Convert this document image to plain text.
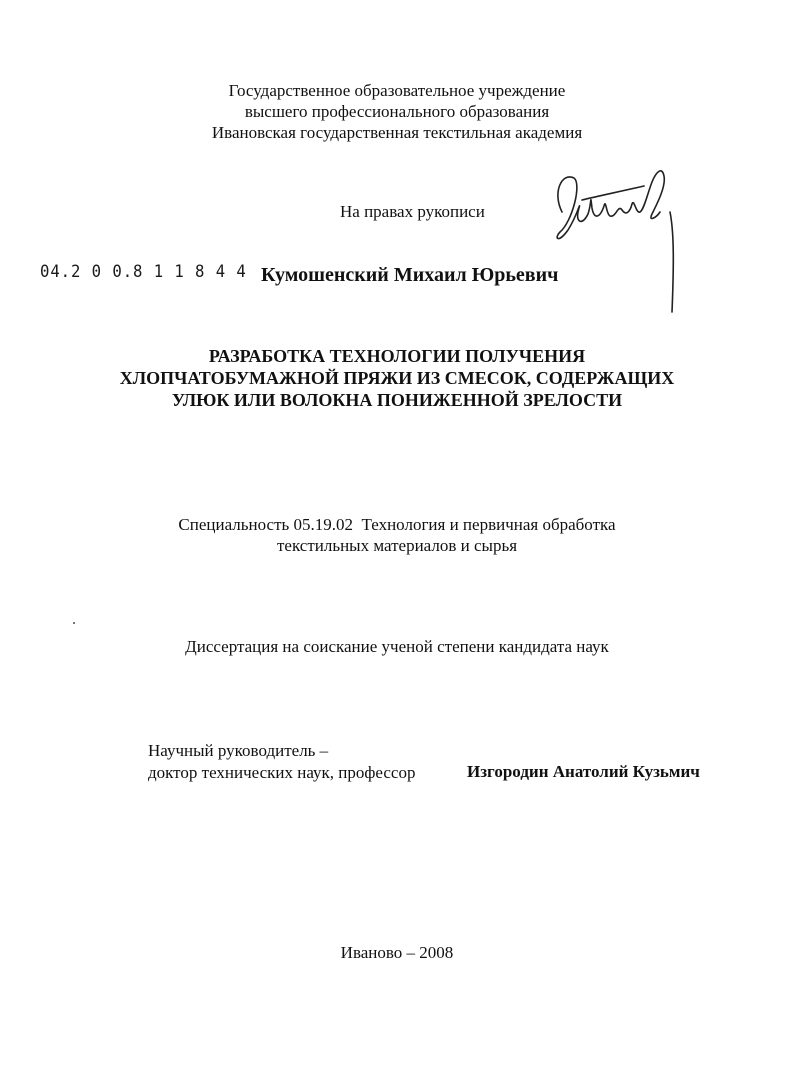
Государственное образовательное учреждение
высшего профессионального образования
Ивановская государственная текстильная академия
На правах рукописи
04.2 0 0.8 1 1 8 4 4 Кумошенский Михаил Юрьевич
РАЗРАБОТКА ТЕХНОЛОГИИ ПОЛУЧЕНИЯ
ХЛОПЧАТОБУМАЖНОЙ ПРЯЖИ ИЗ СМЕСОК, СОДЕРЖАЩИХ
УЛЮК ИЛИ ВОЛОКНА ПОНИЖЕННОЙ ЗРЕЛОСТИ
Специальность 05.19.02  Технология и первичная обработка
текстильных материалов и сырья
Диссертация на соискание ученой степени кандидата наук
Научный руководитель –
доктор технических наук, профессор	Изгородин Анатолий Кузьмич
Иваново – 2008
